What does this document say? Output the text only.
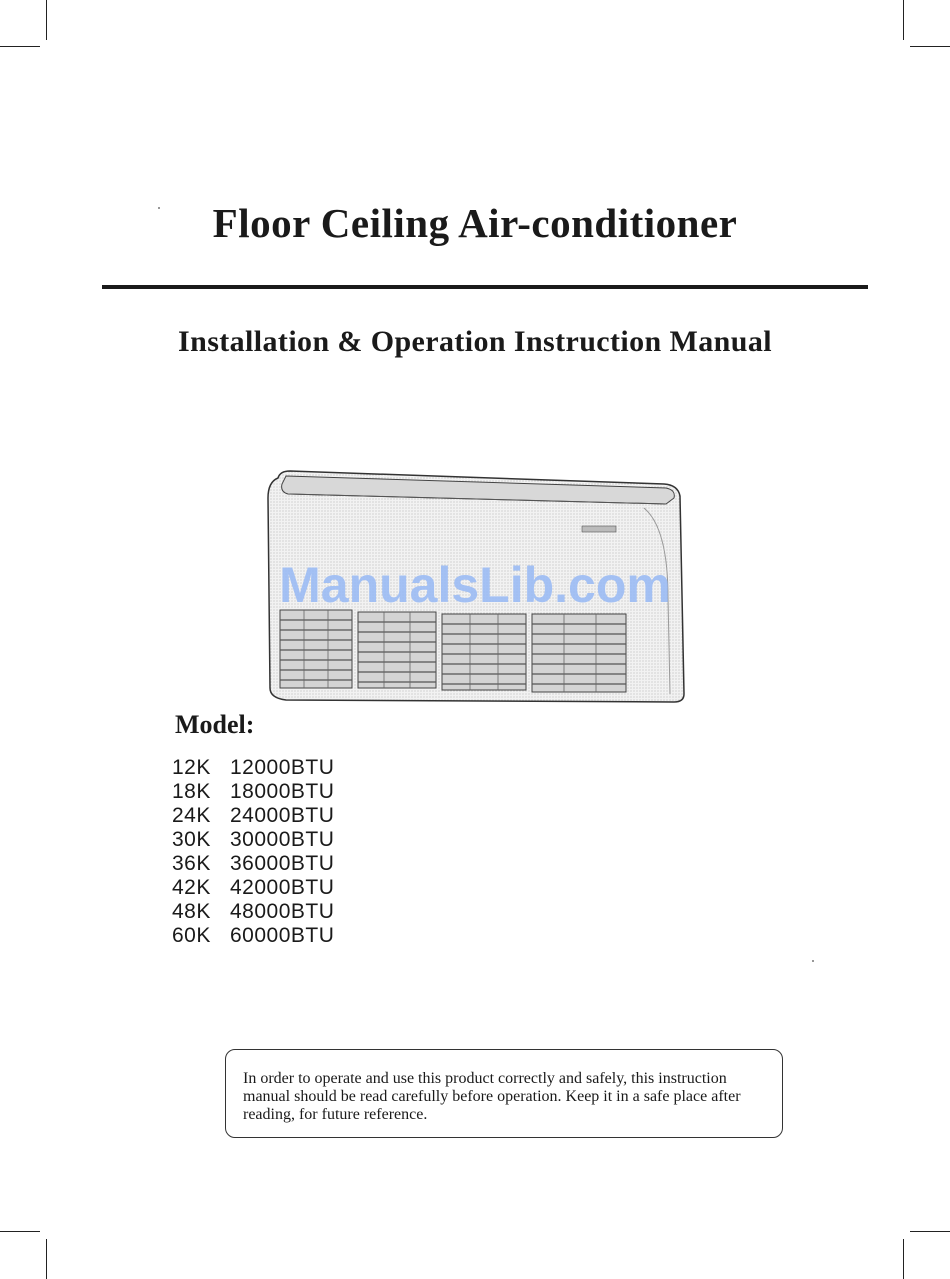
Floor Ceiling Air-conditioner
Installation & Operation Instruction Manual
ManualsLib.com
Model:
12K 12000BTU
18K 18000BTU
24K 24000BTU
30K 30000BTU
36K 36000BTU
42K 42000BTU
48K 48000BTU
60K 60000BTU
In order to operate and use this product correctly and safely, this instruction manual should be read carefully before operation. Keep it in a safe place after reading, for future reference.
